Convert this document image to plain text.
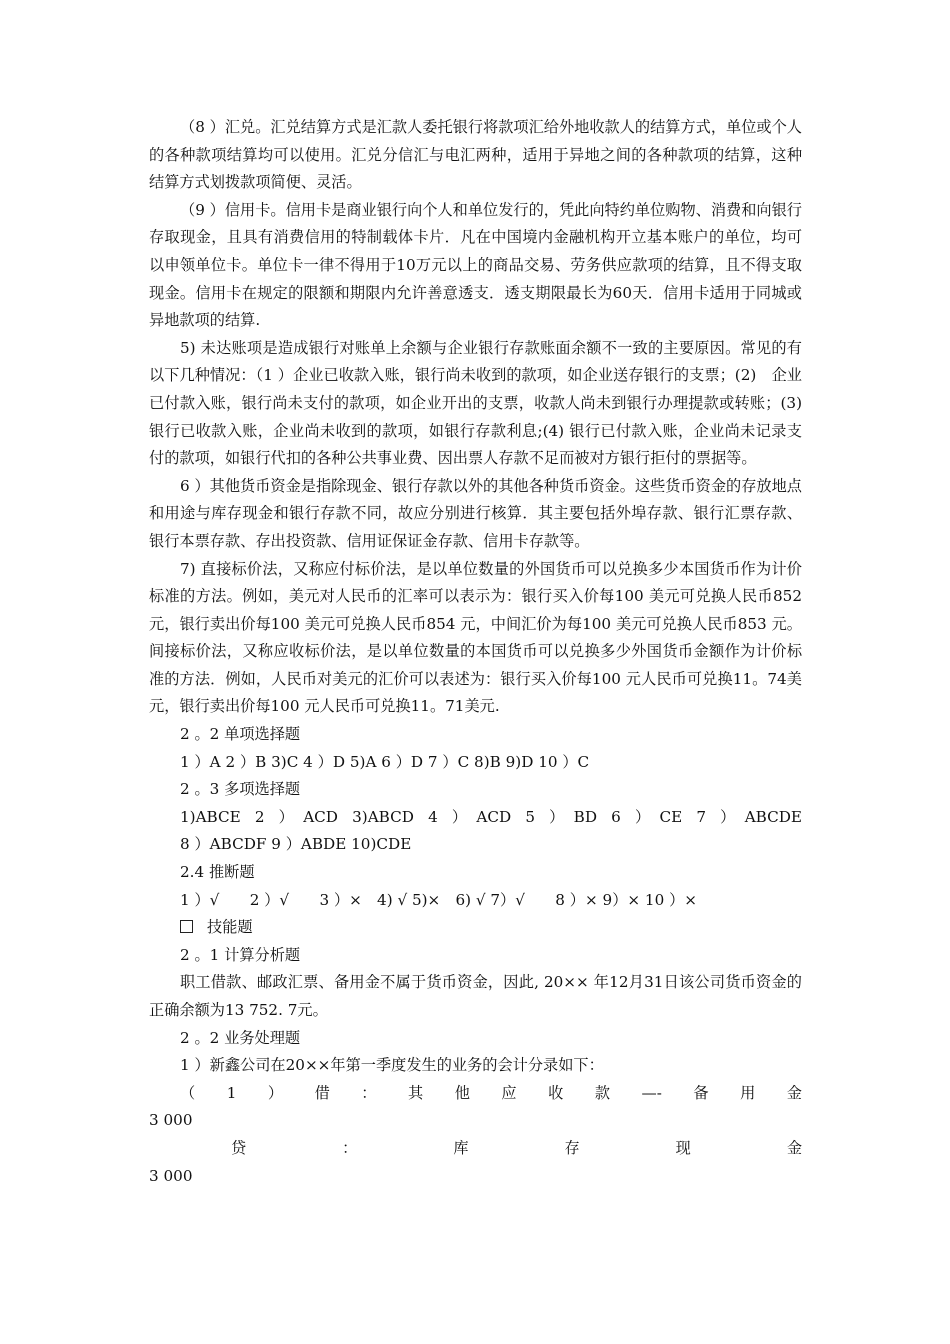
（8 ）汇兑。汇兑结算方式是汇款人委托银行将款项汇给外地收款人的结算方式，单位或个人的各种款项结算均可以使用。汇兑分信汇与电汇两种，适用于异地之间的各种款项的结算，这种结算方式划拨款项简便、灵活。

（9 ）信用卡。信用卡是商业银行向个人和单位发行的，凭此向特约单位购物、消费和向银行存取现金，且具有消费信用的特制载体卡片．凡在中国境内金融机构开立基本账户的单位，均可以申领单位卡。单位卡一律不得用于10万元以上的商品交易、劳务供应款项的结算，且不得支取现金。信用卡在规定的限额和期限内允许善意透支．透支期限最长为60天．信用卡适用于同城或异地款项的结算.

5) 未达账项是造成银行对账单上余额与企业银行存款账面余额不一致的主要原因。常见的有以下几种情况：（1 ）企业已收款入账，银行尚未收到的款项，如企业送存银行的支票；(2)　企业已付款入账，银行尚未支付的款项，如企业开出的支票，收款人尚未到银行办理提款或转账；(3) 银行已收款入账，企业尚未收到的款项，如银行存款利息;(4) 银行已付款入账，企业尚未记录支付的款项，如银行代扣的各种公共事业费、因出票人存款不足而被对方银行拒付的票据等。

6 ）其他货币资金是指除现金、银行存款以外的其他各种货币资金。这些货币资金的存放地点和用途与库存现金和银行存款不同，故应分别进行核算．其主要包括外埠存款、银行汇票存款、银行本票存款、存出投资款、信用证保证金存款、信用卡存款等。

7) 直接标价法，又称应付标价法，是以单位数量的外国货币可以兑换多少本国货币作为计价标准的方法。例如，美元对人民币的汇率可以表示为：银行买入价每100 美元可兑换人民币852 元，银行卖出价每100 美元可兑换人民币854 元，中间汇价为每100 美元可兑换人民币853 元。间接标价法，又称应收标价法，是以单位数量的本国货币可以兑换多少外国货币金额作为计价标准的方法．例如，人民币对美元的汇价可以表述为：银行买入价每100 元人民币可兑换11。74美元，银行卖出价每100 元人民币可兑换11。71美元.

2 。2 单项选择题
1 ）A 2 ）B 3)C 4 ）D 5)A 6 ）D 7 ）C 8)B 9)D 10 ）C
2 。3 多项选择题
1)ABCE 2 ）ACD 3)ABCD 4 ）ACD 5 ）BD 6 ）CE 7 ）ABCDE
8 ）ABCDF 9 ）ABDE 10)CDE
2.4 推断题
1 ）√　　2 ）√　　3 ）×　4) √ 5)×　6) √ 7）√　　8 ）× 9）× 10 ）×
技能题
2 。1 计算分析题

职工借款、邮政汇票、备用金不属于货币资金，因此, 20×× 年12月31日该公司货币资金的正确余额为13 752. 7元。

2 。2 业务处理题
1 ）新鑫公司在20××年第一季度发生的业务的会计分录如下：
（1）借：其他应收款—-备用金
3 000
贷：库存现金
3 000
